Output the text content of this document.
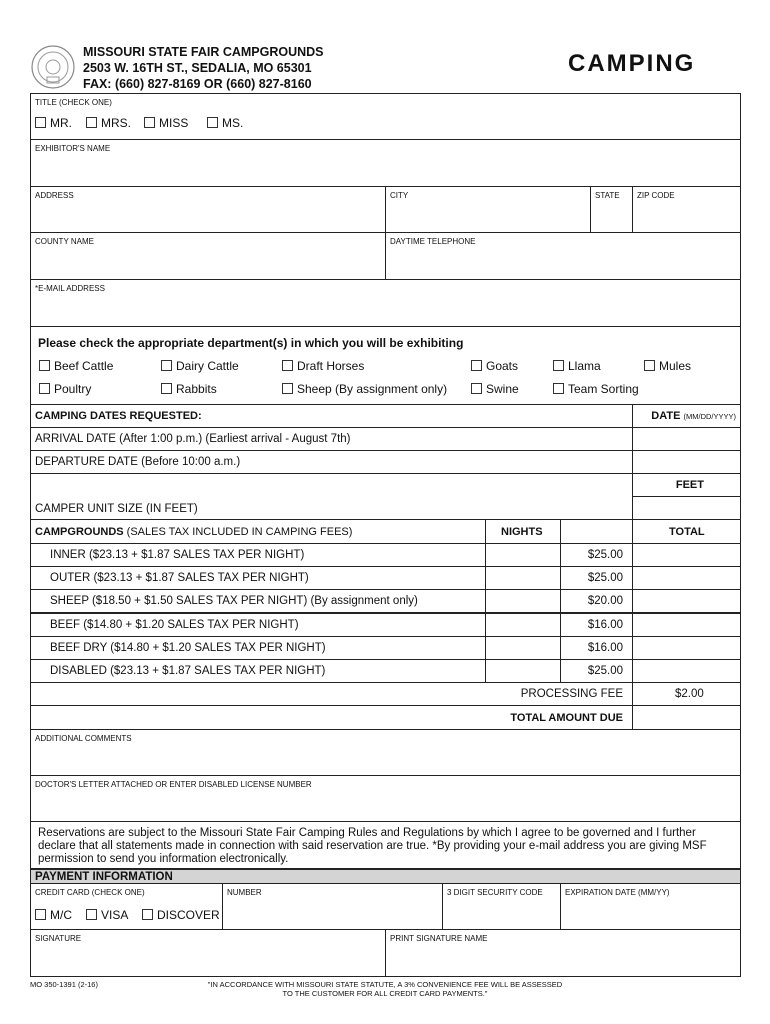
MISSOURI STATE FAIR CAMPGROUNDS
2503 W. 16TH ST., SEDALIA, MO 65301
FAX: (660) 827-8169 OR (660) 827-8160
CAMPING
TITLE (CHECK ONE)
MR.	MRS.	MISS	MS.
EXHIBITOR'S NAME
ADDRESS	CITY	STATE ZIP CODE
COUNTY NAME	DAYTIME TELEPHONE
*E-MAIL ADDRESS
Please check the appropriate department(s) in which you will be exhibiting
Beef Cattle	Dairy Cattle	Draft Horses	Goats	Llama	Mules
Poultry	Rabbits	Sheep (By assignment only)	Swine	Team Sorting
CAMPING DATES REQUESTED:	DATE (MM/DD/YYYY)
ARRIVAL DATE (After 1:00 p.m.) (Earliest arrival - August 7th)
DEPARTURE DATE (Before 10:00 a.m.)
CAMPER UNIT SIZE (IN FEET)
FEET
CAMPGROUNDS (SALES TAX INCLUDED IN CAMPING FEES)	NIGHTS	TOTAL
INNER ($23.13 + $1.87 SALES TAX PER NIGHT)	$25.00
OUTER ($23.13 + $1.87 SALES TAX PER NIGHT)	$25.00
SHEEP ($18.50 + $1.50 SALES TAX PER NIGHT) (By assignment only)	$20.00
BEEF ($14.80 + $1.20 SALES TAX PER NIGHT)	$16.00
BEEF DRY ($14.80 + $1.20 SALES TAX PER NIGHT)	$16.00
DISABLED ($23.13 + $1.87 SALES TAX PER NIGHT)	$25.00
PROCESSING FEE	$2.00
TOTAL AMOUNT DUE
ADDITIONAL COMMENTS
DOCTOR'S LETTER ATTACHED OR ENTER DISABLED LICENSE NUMBER
Reservations are subject to the Missouri State Fair Camping Rules and Regulations by which I agree to be governed and I further declare that all statements made in connection with said reservation are true. *By providing your e-mail address you are giving MSF permission to send you information electronically.
PAYMENT INFORMATION
CREDIT CARD (CHECK ONE)
M/C	VISA	DISCOVER
NUMBER	3 DIGIT SECURITY CODE	EXPIRATION DATE (MM/YY)
SIGNATURE	PRINT SIGNATURE NAME
MO 350-1391 (2-16)	"IN ACCORDANCE WITH MISSOURI STATE STATUTE, A 3% CONVENIENCE FEE WILL BE ASSESSED
TO THE CUSTOMER FOR ALL CREDIT CARD PAYMENTS."
